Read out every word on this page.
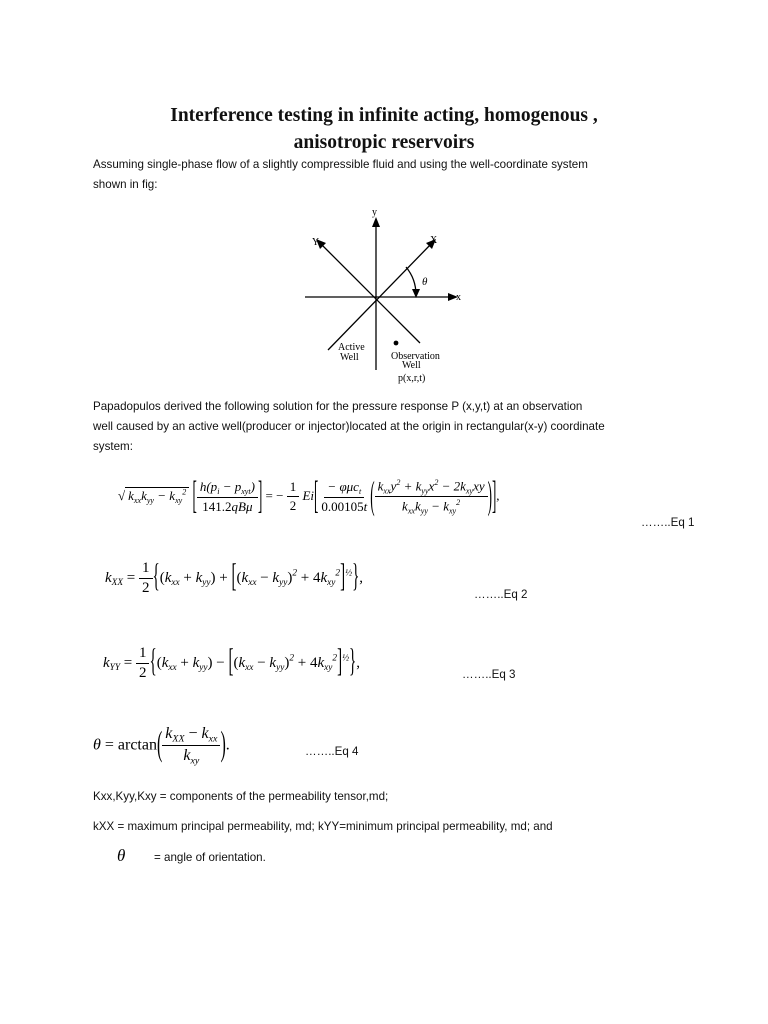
Interference testing in infinite acting, homogenous ,
anisotropic reservoirs
Assuming single-phase flow of a slightly compressible fluid and using the well-coordinate system
shown in fig:
y
x
Y	X
θ
Active
Well	Observation
Well
p(x,r,t)
Papadopulos derived the following solution for the pressure response P (x,y,t) at an observation
well caused by an active well(producer or injector)located at the origin in rectangular(x-y) coordinate
system:
√ $k_{xx}k_{yy} - k_{xy}^2$ [ $\frac{h(p_i - p_{xyt})}{\text{141.2qBμ}}$ ] = − $\frac{1}{2} Ei[ \frac{- \varphi\mu c_t}{0.00105t}$ ( $\frac{k_{xx}y^2 + k_{yy}x^2 - 2k_{xy}xy}{k_{xx}k_{yy} - k_{xy}^2}$ )],
……..Eq 1
$k_{XX} = \frac{1}{2} \{(k_{xx} + k_{yy}) + [(k_{xx} - k_{yy})^2 + 4k_{xy}^2]^{\frac{1}{2}}\}$,
……..Eq 2
$k_{YY} = \frac{1}{2} \{(k_{xx} + k_{yy}) - [(k_{xx} - k_{yy})^2 + 4k_{xy}^2]^{\frac{1}{2}}\}$,
……..Eq 3
$\theta = \arctan( \frac{k_{XX} - k_{xx}}{k_{xy}}$ ).	……..Eq 4
Kxx,Kyy,Kxy = components of the permeability tensor,md;
kXX = maximum principal permeability, md; kYY=minimum principal permeability, md; and
θ = angle of orientation.
